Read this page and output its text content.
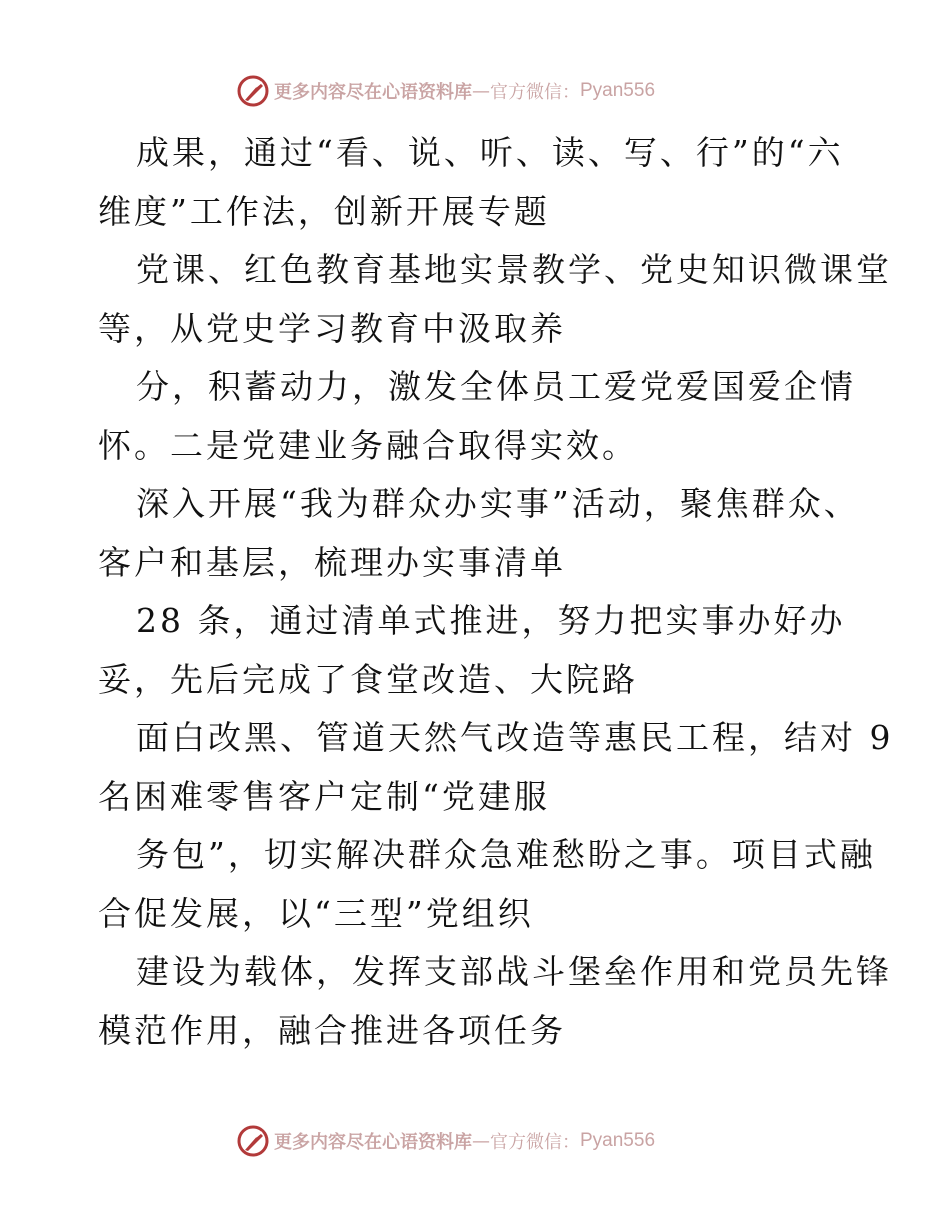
更多内容尽在心语资料库 — 官方微信： Pyan556
成果，通过“看、说、听、读、写、行”的“六
维度”工作法，创新开展专题
党课、红色教育基地实景教学、党史知识微课堂
等，从党史学习教育中汲取养
分，积蓄动力，激发全体员工爱党爱国爱企情
怀。二是党建业务融合取得实效。
深入开展“我为群众办实事”活动，聚焦群众、
客户和基层，梳理办实事清单
28 条，通过清单式推进，努力把实事办好办
妥，先后完成了食堂改造、大院路
面白改黑、管道天然气改造等惠民工程，结对 9
名困难零售客户定制“党建服
务包”，切实解决群众急难愁盼之事。项目式融
合促发展，以“三型”党组织
建设为载体，发挥支部战斗堡垒作用和党员先锋
模范作用，融合推进各项任务
更多内容尽在心语资料库 — 官方微信： Pyan556
